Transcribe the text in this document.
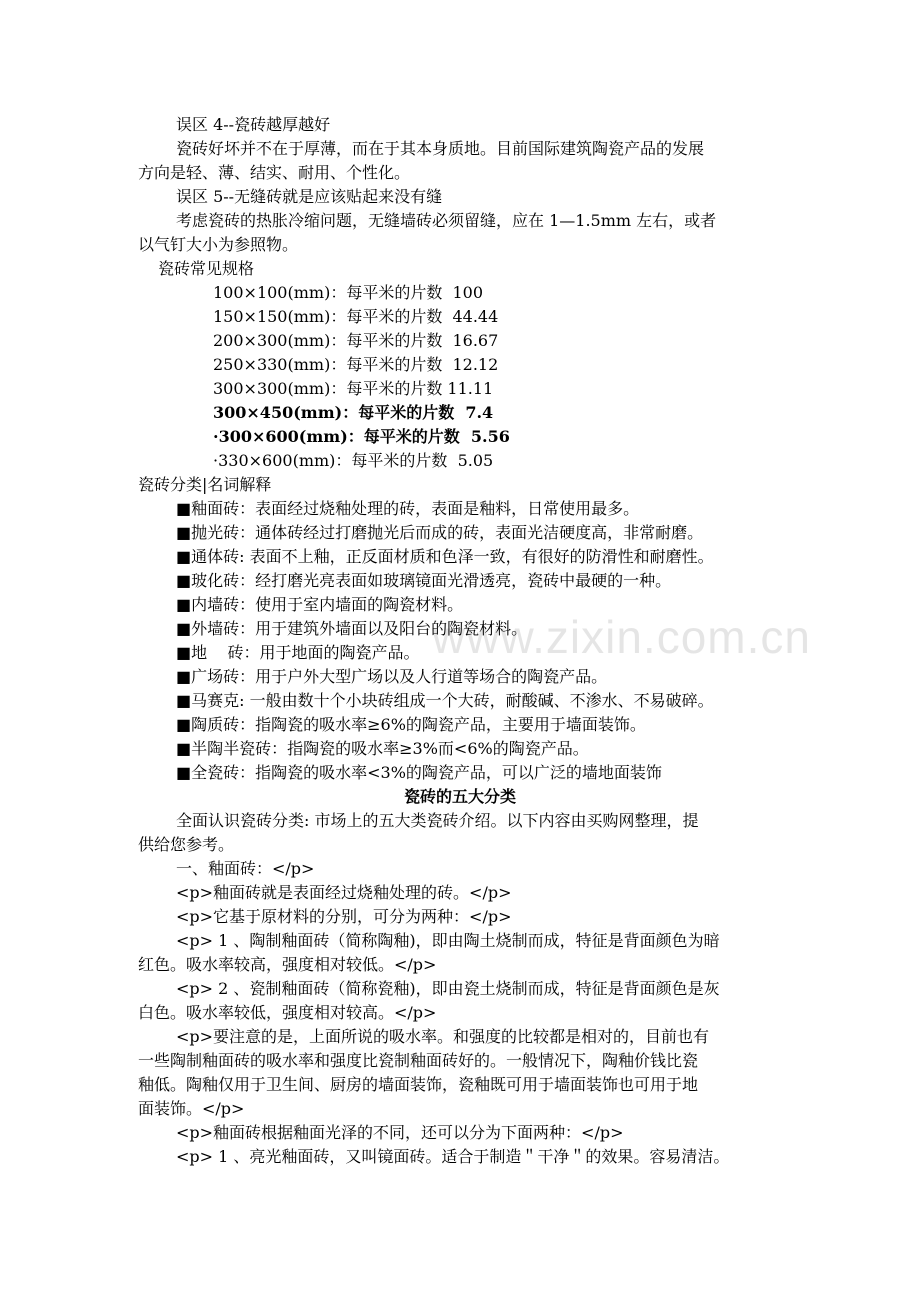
www.zixin.com.cn
误区 4--瓷砖越厚越好
瓷砖好坏并不在于厚薄，而在于其本身质地。目前国际建筑陶瓷产品的发展
方向是轻、薄、结实、耐用、个性化。
误区 5--无缝砖就是应该贴起来没有缝
考虑瓷砖的热胀冷缩问题，无缝墙砖必须留缝，应在 1—1.5mm 左右，或者
以气钉大小为参照物。
瓷砖常见规格
100×100(mm)：每平米的片数  100
150×150(mm)：每平米的片数  44.44
200×300(mm)：每平米的片数  16.67
250×330(mm)：每平米的片数  12.12
300×300(mm)：每平米的片数 11.11
300×450(mm)：每平米的片数  7.4
·300×600(mm)：每平米的片数  5.56
·330×600(mm)：每平米的片数  5.05
瓷砖分类|名词解释
■釉面砖：表面经过烧釉处理的砖，表面是釉料，日常使用最多。
■抛光砖：通体砖经过打磨抛光后而成的砖，表面光洁硬度高，非常耐磨。
■通体砖: 表面不上釉，正反面材质和色泽一致，有很好的防滑性和耐磨性。
■玻化砖：经打磨光亮表面如玻璃镜面光滑透亮，瓷砖中最硬的一种。
■内墙砖：使用于室内墙面的陶瓷材料。
■外墙砖：用于建筑外墙面以及阳台的陶瓷材料。
■地    砖：用于地面的陶瓷产品。
■广场砖：用于户外大型广场以及人行道等场合的陶瓷产品。
■马赛克: 一般由数十个小块砖组成一个大砖，耐酸碱、不渗水、不易破碎。
■陶质砖：指陶瓷的吸水率≥6%的陶瓷产品，主要用于墙面装饰。
■半陶半瓷砖：指陶瓷的吸水率≥3%而<6%的陶瓷产品。
■全瓷砖：指陶瓷的吸水率<3%的陶瓷产品，可以广泛的墙地面装饰
瓷砖的五大分类
全面认识瓷砖分类: 市场上的五大类瓷砖介绍。以下内容由买购网整理，提
供给您参考。
一、釉面砖：</p>
<p>釉面砖就是表面经过烧釉处理的砖。</p>
<p>它基于原材料的分别，可分为两种：</p>
<p> 1 、陶制釉面砖（简称陶釉)，即由陶土烧制而成，特征是背面颜色为暗
红色。吸水率较高，强度相对较低。</p>
<p> 2 、瓷制釉面砖（简称瓷釉)，即由瓷土烧制而成，特征是背面颜色是灰
白色。吸水率较低，强度相对较高。</p>
<p>要注意的是，上面所说的吸水率。和强度的比较都是相对的，目前也有
一些陶制釉面砖的吸水率和强度比瓷制釉面砖好的。一般情况下，陶釉价钱比瓷
釉低。陶釉仅用于卫生间、厨房的墙面装饰，瓷釉既可用于墙面装饰也可用于地
面装饰。</p>
<p>釉面砖根据釉面光泽的不同，还可以分为下面两种：</p>
<p> 1 、亮光釉面砖，又叫镜面砖。适合于制造＂干净＂的效果。容易清洁。
